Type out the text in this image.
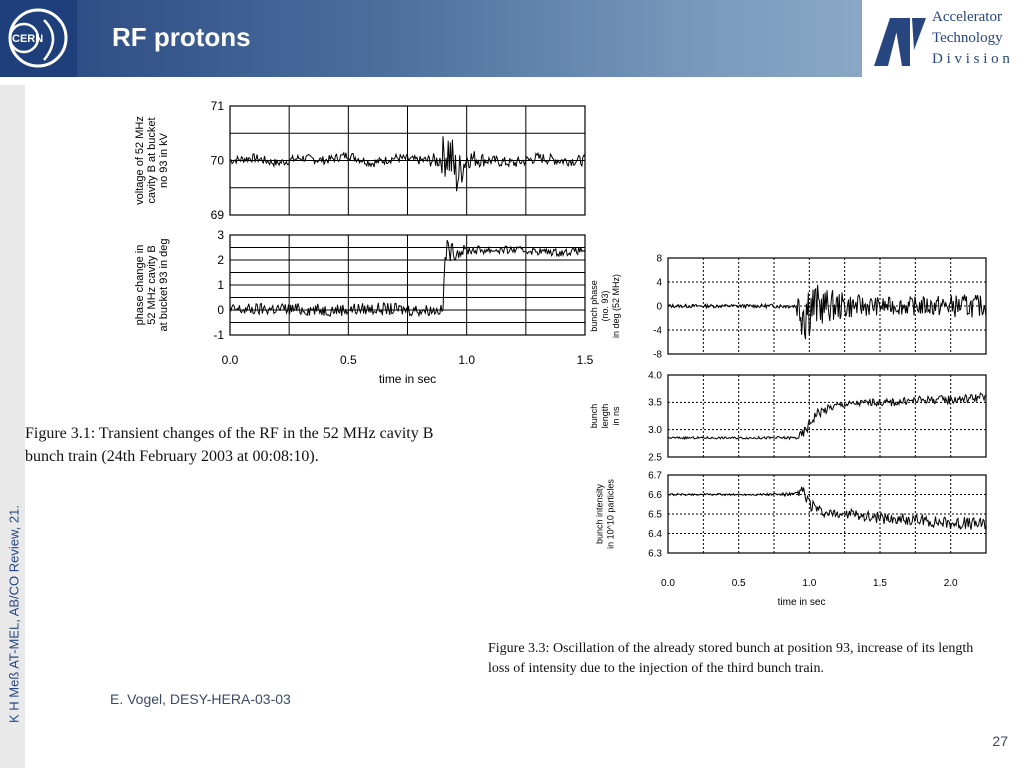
CERN	RF protons
Accelerator
Technology
D i v i s i o n
K H Meß AT-MEL, AB/CO Review, 21.
69
70
71
voltage of 52 MHzcavity B at bucketno 93 in kV
-1
0
1
2
3
phase change in52 MHz cavity Bat bucket 93 in deg
0.0	0.5	1.0	1.5
time in sec
Figure 3.1: Transient changes of the RF in the 52 MHz cavity B
bunch train (24th February 2003 at 00:08:10).
-8
-4
0
4
8
bunch phase(no. 93)in deg (52 MHz)
2.5
3.0
3.5
4.0
bunchlengthin ns
6.3
6.4
6.5
6.6
6.7
bunch intensityin 10^10 particles
0.0	0.5	1.0	1.5	2.0
time in sec
Figure 3.3: Oscillation of the already stored bunch at position 93, increase of its length
loss of intensity due to the injection of the third bunch train.
E. Vogel, DESY-HERA-03-03
27
